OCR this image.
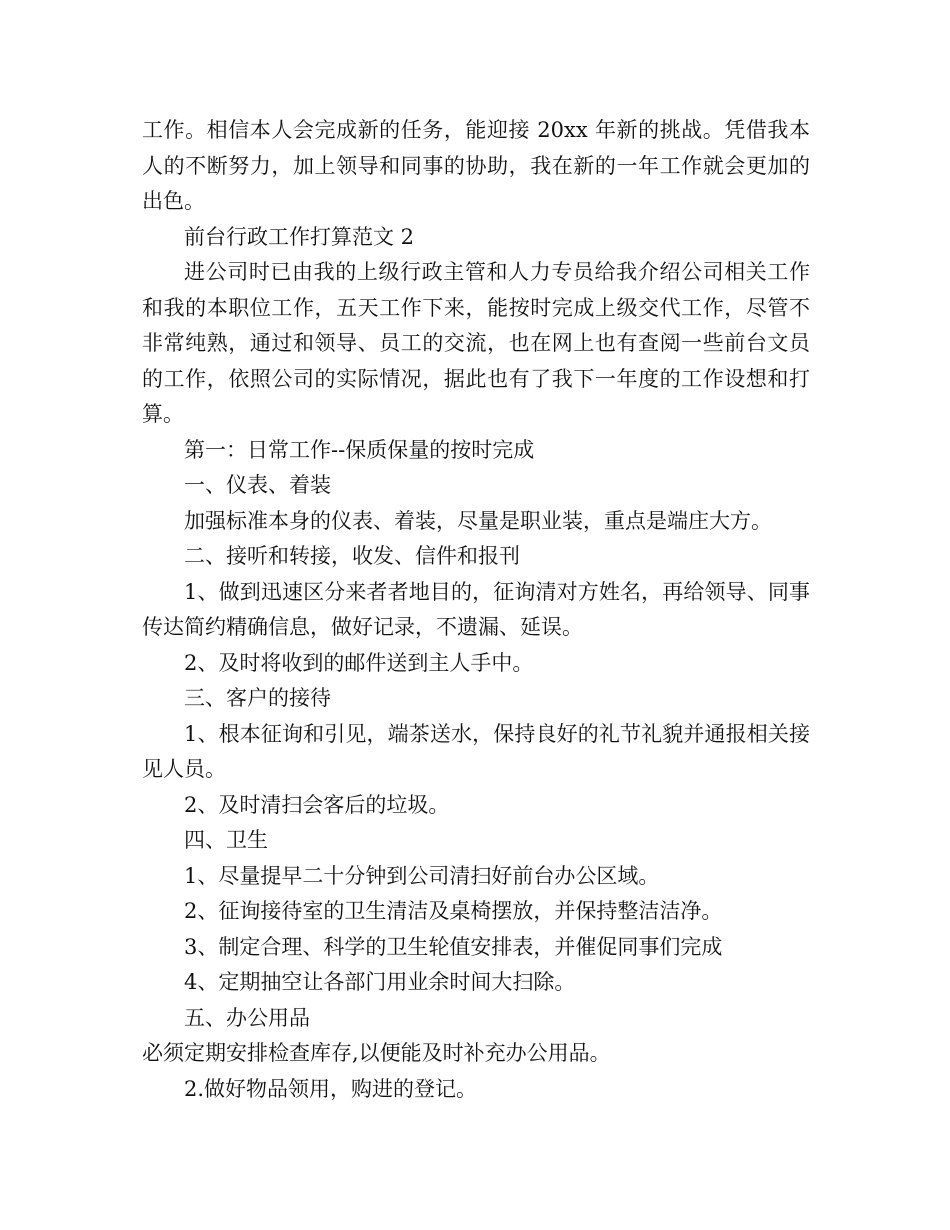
工作。相信本人会完成新的任务，能迎接 20xx 年新的挑战。凭借我本人的不断努力，加上领导和同事的协助，我在新的一年工作就会更加的出色。

前台行政工作打算范文 2

进公司时已由我的上级行政主管和人力专员给我介绍公司相关工作和我的本职位工作，五天工作下来，能按时完成上级交代工作，尽管不非常纯熟，通过和领导、员工的交流，也在网上也有查阅一些前台文员的工作，依照公司的实际情况，据此也有了我下一年度的工作设想和打算。

第一：日常工作--保质保量的按时完成

一、仪表、着装

加强标准本身的仪表、着装，尽量是职业装，重点是端庄大方。

二、接听和转接，收发、信件和报刊

1、做到迅速区分来者者地目的，征询清对方姓名，再给领导、同事传达简约精确信息，做好记录，不遗漏、延误。

2、及时将收到的邮件送到主人手中。

三、客户的接待

1、根本征询和引见，端茶送水，保持良好的礼节礼貌并通报相关接见人员。

2、及时清扫会客后的垃圾。

四、卫生

1、尽量提早二十分钟到公司清扫好前台办公区域。

2、征询接待室的卫生清洁及桌椅摆放，并保持整洁洁净。

3、制定合理、科学的卫生轮值安排表，并催促同事们完成

4、定期抽空让各部门用业余时间大扫除。

五、办公用品

必须定期安排检查库存,以便能及时补充办公用品。

2.做好物品领用，购进的登记。
